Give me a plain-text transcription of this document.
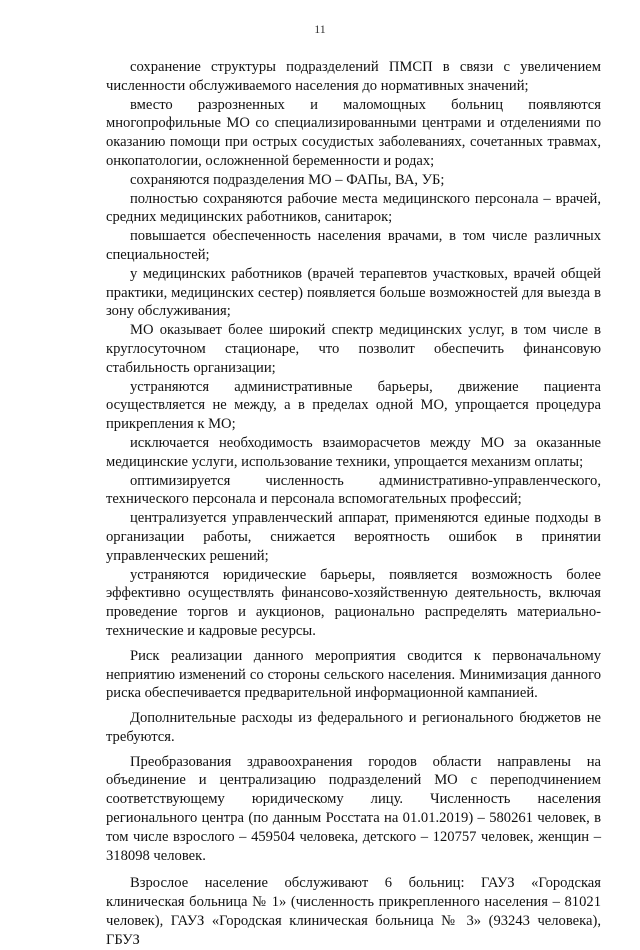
11

сохранение структуры подразделений ПМСП в связи с увеличением численности обслуживаемого населения до нормативных значений;

вместо разрозненных и маломощных больниц появляются многопрофильные МО со специализированными центрами и отделениями по оказанию помощи при острых сосудистых заболеваниях, сочетанных травмах, онкопатологии, осложненной беременности и родах;

сохраняются подразделения МО – ФАПы, ВА, УБ;

полностью сохраняются рабочие места медицинского персонала – врачей, средних медицинских работников, санитарок;

повышается обеспеченность населения врачами, в том числе различных специальностей;

у медицинских работников (врачей терапевтов участковых, врачей общей практики, медицинских сестер) появляется больше возможностей для выезда в зону обслуживания;

МО оказывает более широкий спектр медицинских услуг, в том числе в круглосуточном стационаре, что позволит обеспечить финансовую стабильность организации;

устраняются административные барьеры, движение пациента осуществляется не между, а в пределах одной МО, упрощается процедура прикрепления к МО;

исключается необходимость взаиморасчетов между МО за оказанные медицинские услуги, использование техники, упрощается механизм оплаты;

оптимизируется численность административно-управленческого, технического персонала и персонала вспомогательных профессий;

централизуется управленческий аппарат, применяются единые подходы в организации работы, снижается вероятность ошибок в принятии управленческих решений;

устраняются юридические барьеры, появляется возможность более эффективно осуществлять финансово-хозяйственную деятельность, включая проведение торгов и аукционов, рационально распределять материально-технические и кадровые ресурсы.

Риск реализации данного мероприятия сводится к первоначальному неприятию изменений со стороны сельского населения. Минимизация данного риска обеспечивается предварительной информационной кампанией.

Дополнительные расходы из федерального и регионального бюджетов не требуются.

Преобразования здравоохранения городов области направлены на объединение и централизацию подразделений МО с переподчинением соответствующему юридическому лицу. Численность населения регионального центра (по данным Росстата на 01.01.2019) – 580261 человек, в том числе взрослого – 459504 человека, детского – 120757 человек, женщин – 318098 человек.

Взрослое население обслуживают 6 больниц: ГАУЗ «Городская клиническая больница № 1» (численность прикрепленного населения – 81021 человек), ГАУЗ «Городская клиническая больница № 3» (93243 человека), ГБУЗ
